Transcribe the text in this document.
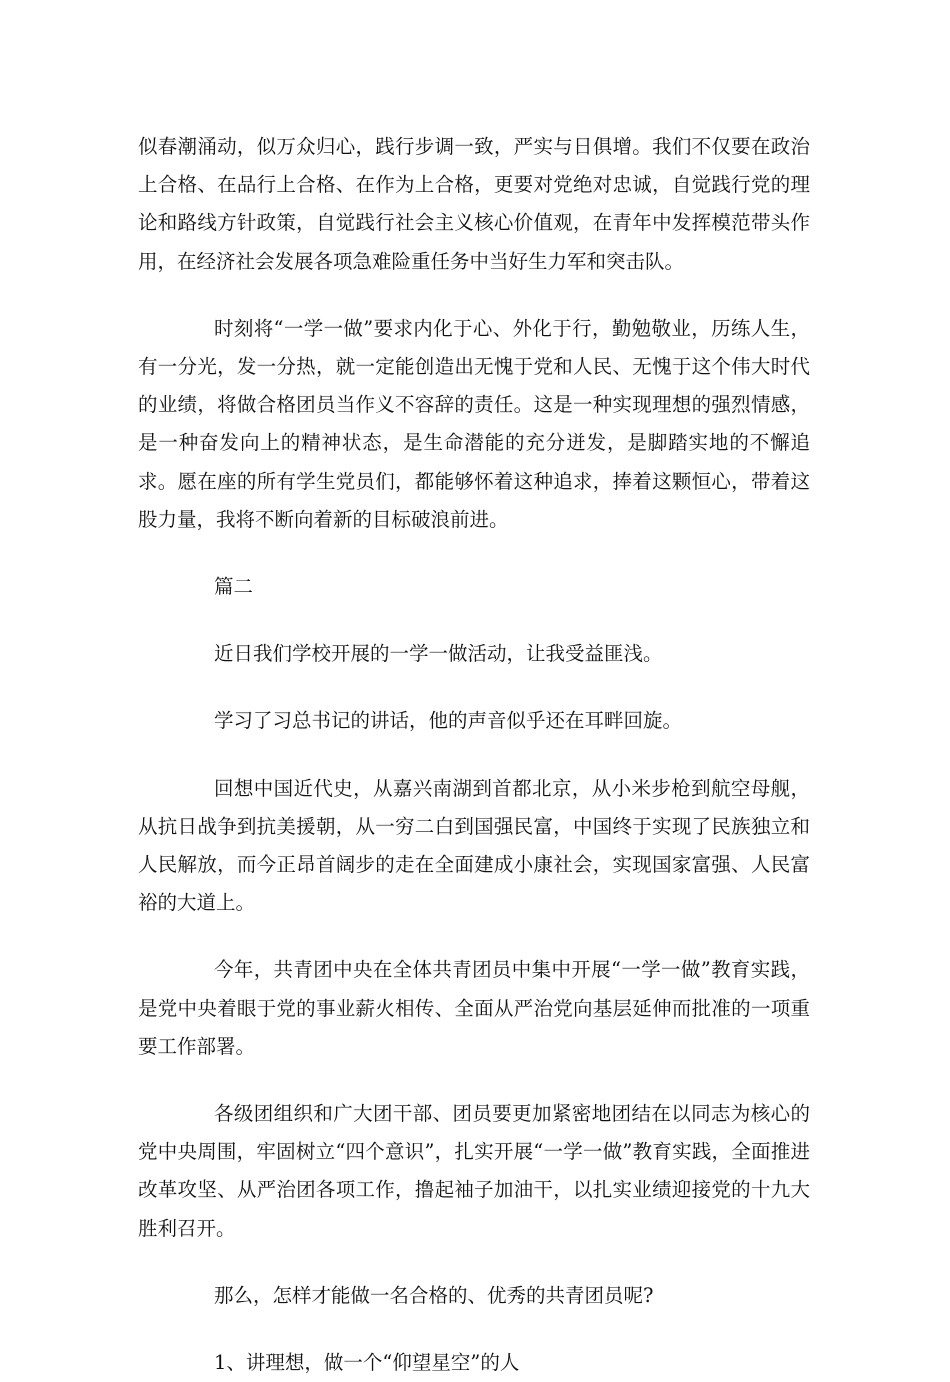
似春潮涌动，似万众归心，践行步调一致，严实与日俱增。我们不仅要在政治上合格、在品行上合格、在作为上合格，更要对党绝对忠诚，自觉践行党的理论和路线方针政策，自觉践行社会主义核心价值观，在青年中发挥模范带头作用，在经济社会发展各项急难险重任务中当好生力军和突击队。

时刻将“一学一做”要求内化于心、外化于行，勤勉敬业，历练人生，有一分光，发一分热，就一定能创造出无愧于党和人民、无愧于这个伟大时代的业绩，将做合格团员当作义不容辞的责任。这是一种实现理想的强烈情感，是一种奋发向上的精神状态，是生命潜能的充分迸发，是脚踏实地的不懈追求。愿在座的所有学生党员们，都能够怀着这种追求，捧着这颗恒心，带着这股力量，我将不断向着新的目标破浪前进。

篇二

近日我们学校开展的一学一做活动，让我受益匪浅。

学习了习总书记的讲话，他的声音似乎还在耳畔回旋。

回想中国近代史，从嘉兴南湖到首都北京，从小米步枪到航空母舰，从抗日战争到抗美援朝，从一穷二白到国强民富，中国终于实现了民族独立和人民解放，而今正昂首阔步的走在全面建成小康社会，实现国家富强、人民富裕的大道上。

今年，共青团中央在全体共青团员中集中开展“一学一做”教育实践，是党中央着眼于党的事业薪火相传、全面从严治党向基层延伸而批准的一项重要工作部署。

各级团组织和广大团干部、团员要更加紧密地团结在以同志为核心的党中央周围，牢固树立“四个意识”，扎实开展“一学一做”教育实践，全面推进改革攻坚、从严治团各项工作，撸起袖子加油干，以扎实业绩迎接党的十九大胜利召开。

那么，怎样才能做一名合格的、优秀的共青团员呢?

1、讲理想，做一个“仰望星空”的人
